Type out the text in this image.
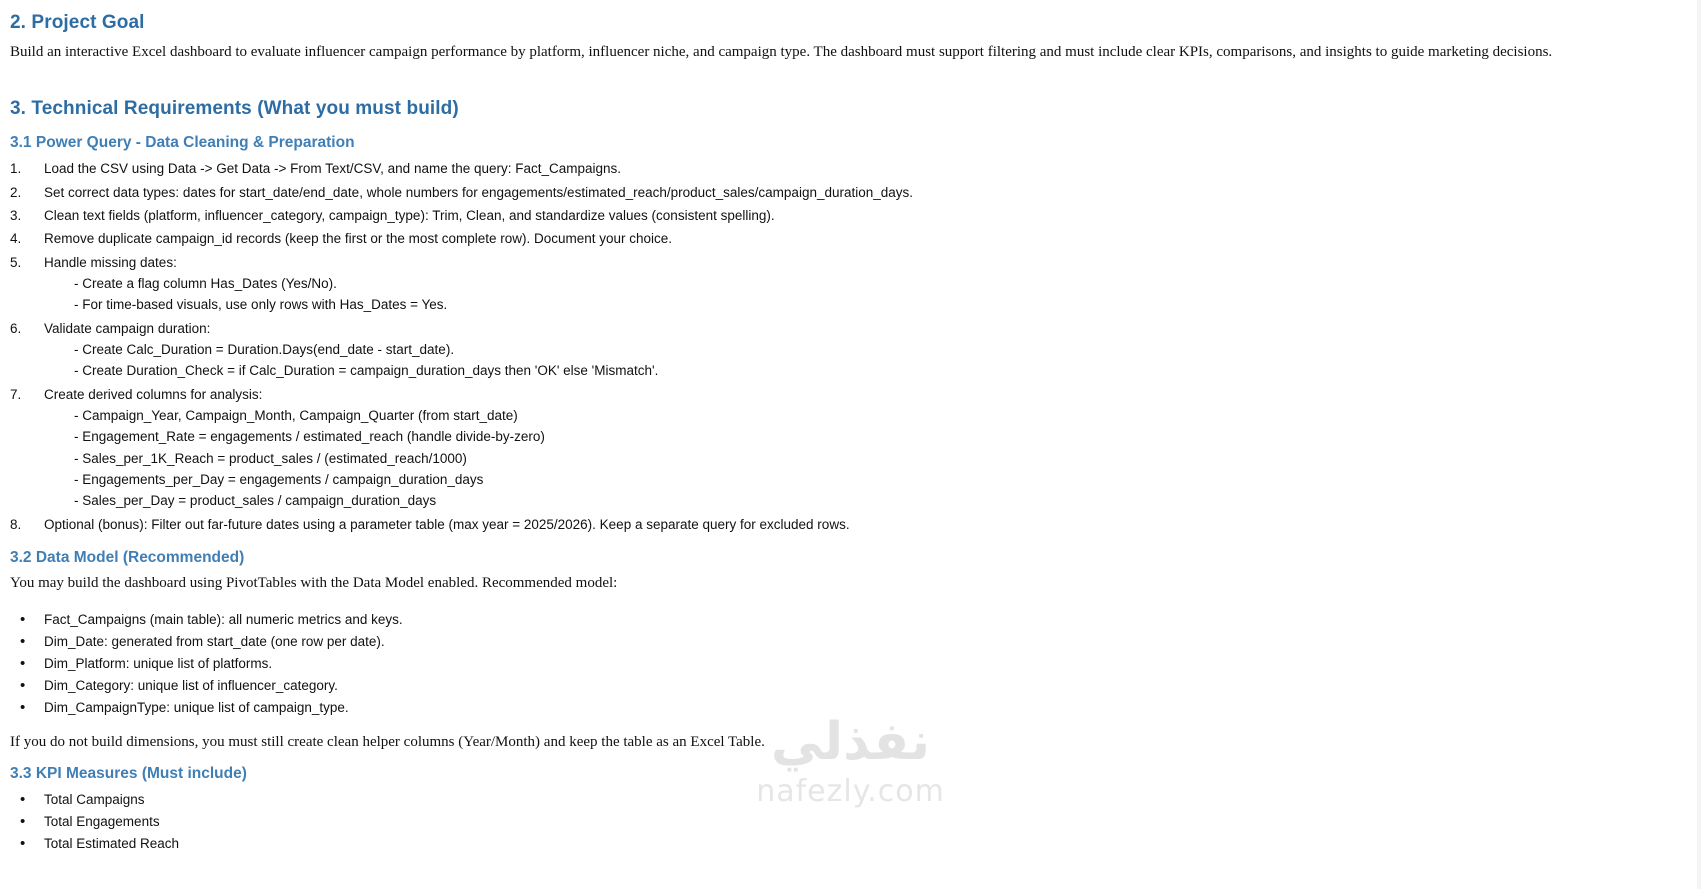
نفذلي
nafezly.com
2. Project Goal

Build an interactive Excel dashboard to evaluate influencer campaign performance by platform, influencer niche, and campaign type. The dashboard must support filtering and must include clear KPIs, comparisons, and insights to guide marketing decisions.

3. Technical Requirements (What you must build)
3.1 Power Query - Data Cleaning & Preparation
1.	Load the CSV using Data -> Get Data -> From Text/CSV, and name the query: Fact_Campaigns.
2.	Set correct data types: dates for start_date/end_date, whole numbers for engagements/estimated_reach/product_sales/campaign_duration_days.
3.	Clean text fields (platform, influencer_category, campaign_type): Trim, Clean, and standardize values (consistent spelling).
4.	Remove duplicate campaign_id records (keep the first or the most complete row). Document your choice.
5.	Handle missing dates:
- Create a flag column Has_Dates (Yes/No).
- For time-based visuals, use only rows with Has_Dates = Yes.
6.	Validate campaign duration:
- Create Calc_Duration = Duration.Days(end_date - start_date).
- Create Duration_Check = if Calc_Duration = campaign_duration_days then 'OK' else 'Mismatch'.
7.	Create derived columns for analysis:
- Campaign_Year, Campaign_Month, Campaign_Quarter (from start_date)
- Engagement_Rate = engagements / estimated_reach (handle divide-by-zero)
- Sales_per_1K_Reach = product_sales / (estimated_reach/1000)
- Engagements_per_Day = engagements / campaign_duration_days
- Sales_per_Day = product_sales / campaign_duration_days
8.	Optional (bonus): Filter out far-future dates using a parameter table (max year = 2025/2026). Keep a separate query for excluded rows.
3.2 Data Model (Recommended)

You may build the dashboard using PivotTables with the Data Model enabled. Recommended model:

• Fact_Campaigns (main table): all numeric metrics and keys.
• Dim_Date: generated from start_date (one row per date).
• Dim_Platform: unique list of platforms.
• Dim_Category: unique list of influencer_category.
• Dim_CampaignType: unique list of campaign_type.

If you do not build dimensions, you must still create clean helper columns (Year/Month) and keep the table as an Excel Table.

3.3 KPI Measures (Must include)
• Total Campaigns
• Total Engagements
• Total Estimated Reach
